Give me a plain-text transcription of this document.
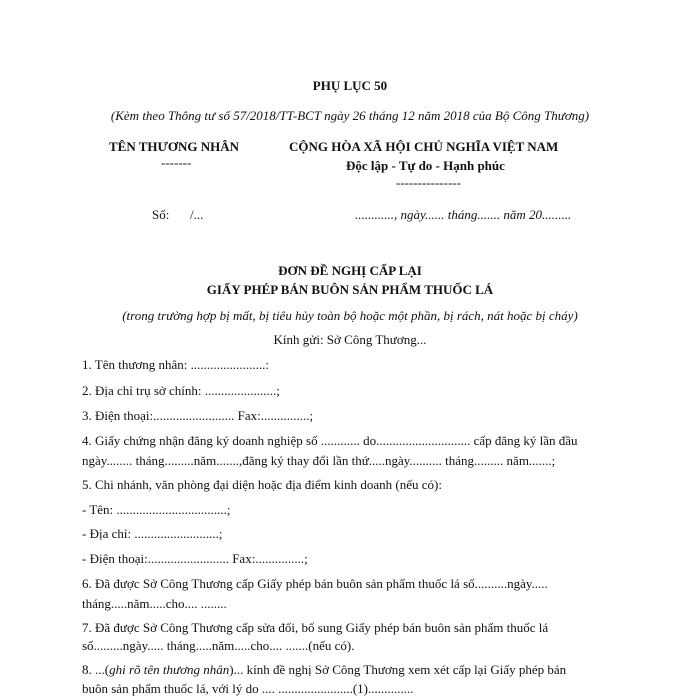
PHỤ LỤC 50
(Kèm theo Thông tư số 57/2018/TT-BCT ngày 26 tháng 12 năm 2018 của Bộ Công Thương)
TÊN THƯƠNG NHÂN
-------
CỘNG HÒA XÃ HỘI CHỦ NGHĨA VIỆT NAM
Độc lập - Tự do - Hạnh phúc
---------------
Số: /...	............, ngày...... tháng....... năm 20.........
ĐƠN ĐỀ NGHỊ CẤP LẠI
GIẤY PHÉP BÁN BUÔN SẢN PHẨM THUỐC LÁ
(trong trường hợp bị mất, bị tiêu hủy toàn bộ hoặc một phần, bị rách, nát hoặc bị cháy)
Kính gửi: Sở Công Thương...
1. Tên thương nhân: .......................:
2. Địa chỉ trụ sở chính: ......................;
3. Điện thoại:......................... Fax:...............;
4. Giấy chứng nhận đăng ký doanh nghiệp số ............ do............................. cấp đăng ký lần đầu
ngày........ tháng.........năm.......,đăng ký thay đổi lần thứ.....ngày.......... tháng......... năm.......;
5. Chi nhánh, văn phòng đại diện hoặc địa điểm kinh doanh (nếu có):
- Tên: ..................................;
- Địa chỉ: ..........................;
- Điện thoại:......................... Fax:...............;
6. Đã được Sở Công Thương cấp Giấy phép bán buôn sản phẩm thuốc lá số..........ngày.....
tháng.....năm.....cho.... ........
7. Đã được Sở Công Thương cấp sửa đổi, bổ sung Giấy phép bán buôn sản phẩm thuốc lá
số.........ngày..... tháng.....năm.....cho.... .......(nếu có).
8. ...(ghi rõ tên thương nhân)... kính đề nghị Sở Công Thương xem xét cấp lại Giấy phép bán
buôn sản phẩm thuốc lá, với lý do .... .......................(1)..............
